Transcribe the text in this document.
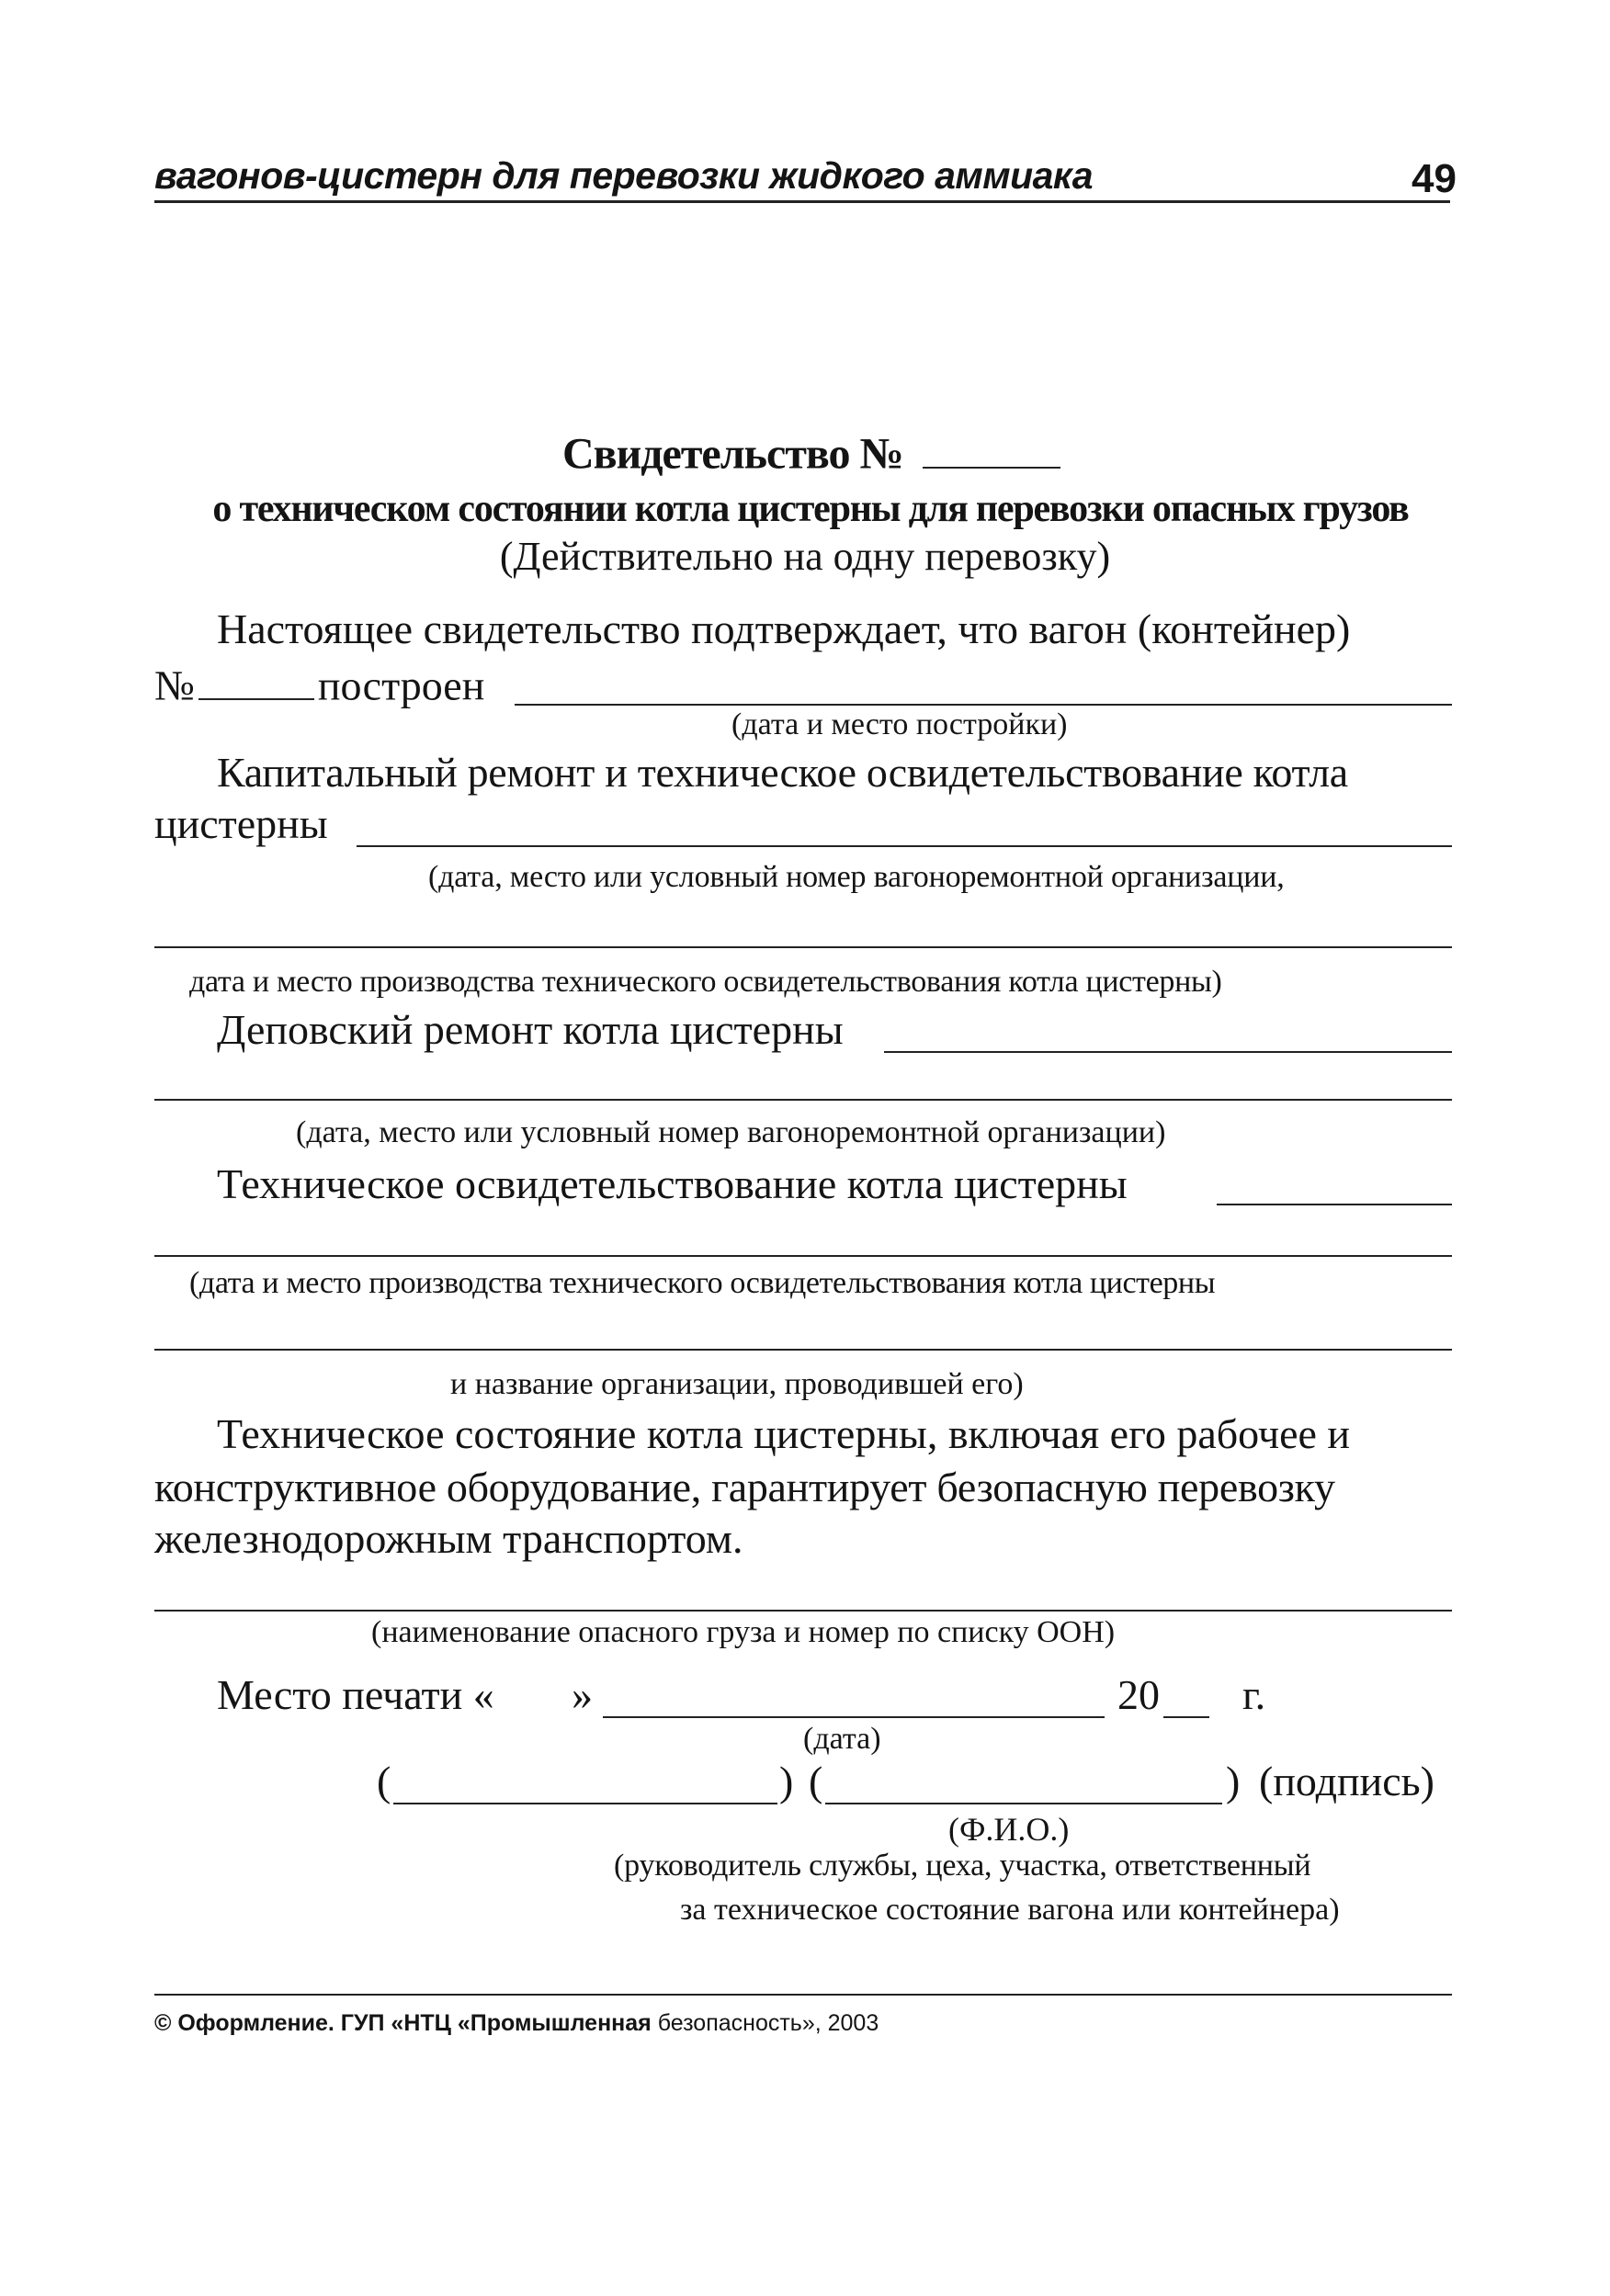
вагонов-цистерн для перевозки жидкого аммиака	49
Свидетельство №
о техническом состоянии котла цистерны для перевозки опасных грузов
(Действительно на одну перевозку)
Настоящее свидетельство подтверждает, что вагон (контейнер)
№	построен
(дата и место постройки)
Капитальный ремонт и техническое освидетельствование котла
цистерны
(дата, место или условный номер вагоноремонтной организации,
дата и место производства технического освидетельствования котла цистерны)
Деповский ремонт котла цистерны
(дата, место или условный номер вагоноремонтной организации)
Техническое освидетельствование котла цистерны
(дата и место производства технического освидетельствования котла цистерны
и название организации, проводившей его)
Техническое состояние котла цистерны, включая его рабочее и
конструктивное оборудование, гарантирует безопасную перевозку
железнодорожным транспортом.
(наименование опасного груза и номер по списку ООН)
Место печати « »	20 г.
(дата)
(	) (	) (подпись)
(Ф.И.О.)
(руководитель службы, цеха, участка, ответственный
за техническое состояние вагона или контейнера)
© Оформление. ГУП «НТЦ «Промышленная безопасность», 2003
